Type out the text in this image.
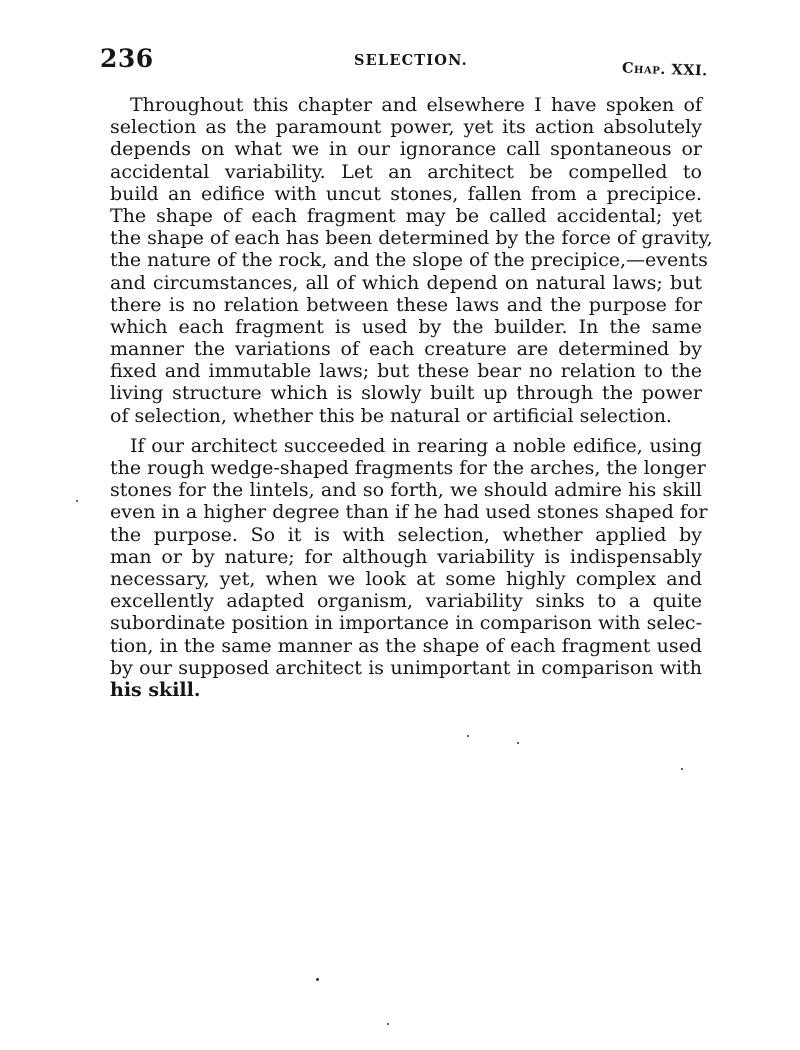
236	SELECTION.	Chap. XXI.
Throughout this chapter and elsewhere I have spoken of
selection as the paramount power, yet its action absolutely
depends on what we in our ignorance call spontaneous or
accidental variability. Let an architect be compelled to
build an edifice with uncut stones, fallen from a precipice.
The shape of each fragment may be called accidental; yet
the shape of each has been determined by the force of gravity,
the nature of the rock, and the slope of the precipice,—events
and circumstances, all of which depend on natural laws; but
there is no relation between these laws and the purpose for
which each fragment is used by the builder. In the same
manner the variations of each creature are determined by
fixed and immutable laws; but these bear no relation to the
living structure which is slowly built up through the power
of selection, whether this be natural or artificial selection.
If our architect succeeded in rearing a noble edifice, using
the rough wedge-shaped fragments for the arches, the longer
stones for the lintels, and so forth, we should admire his skill
even in a higher degree than if he had used stones shaped for
the purpose. So it is with selection, whether applied by
man or by nature; for although variability is indispensably
necessary, yet, when we look at some highly complex and
excellently adapted organism, variability sinks to a quite
subordinate position in importance in comparison with selec-
tion, in the same manner as the shape of each fragment used
by our supposed architect is unimportant in comparison with
his skill.
